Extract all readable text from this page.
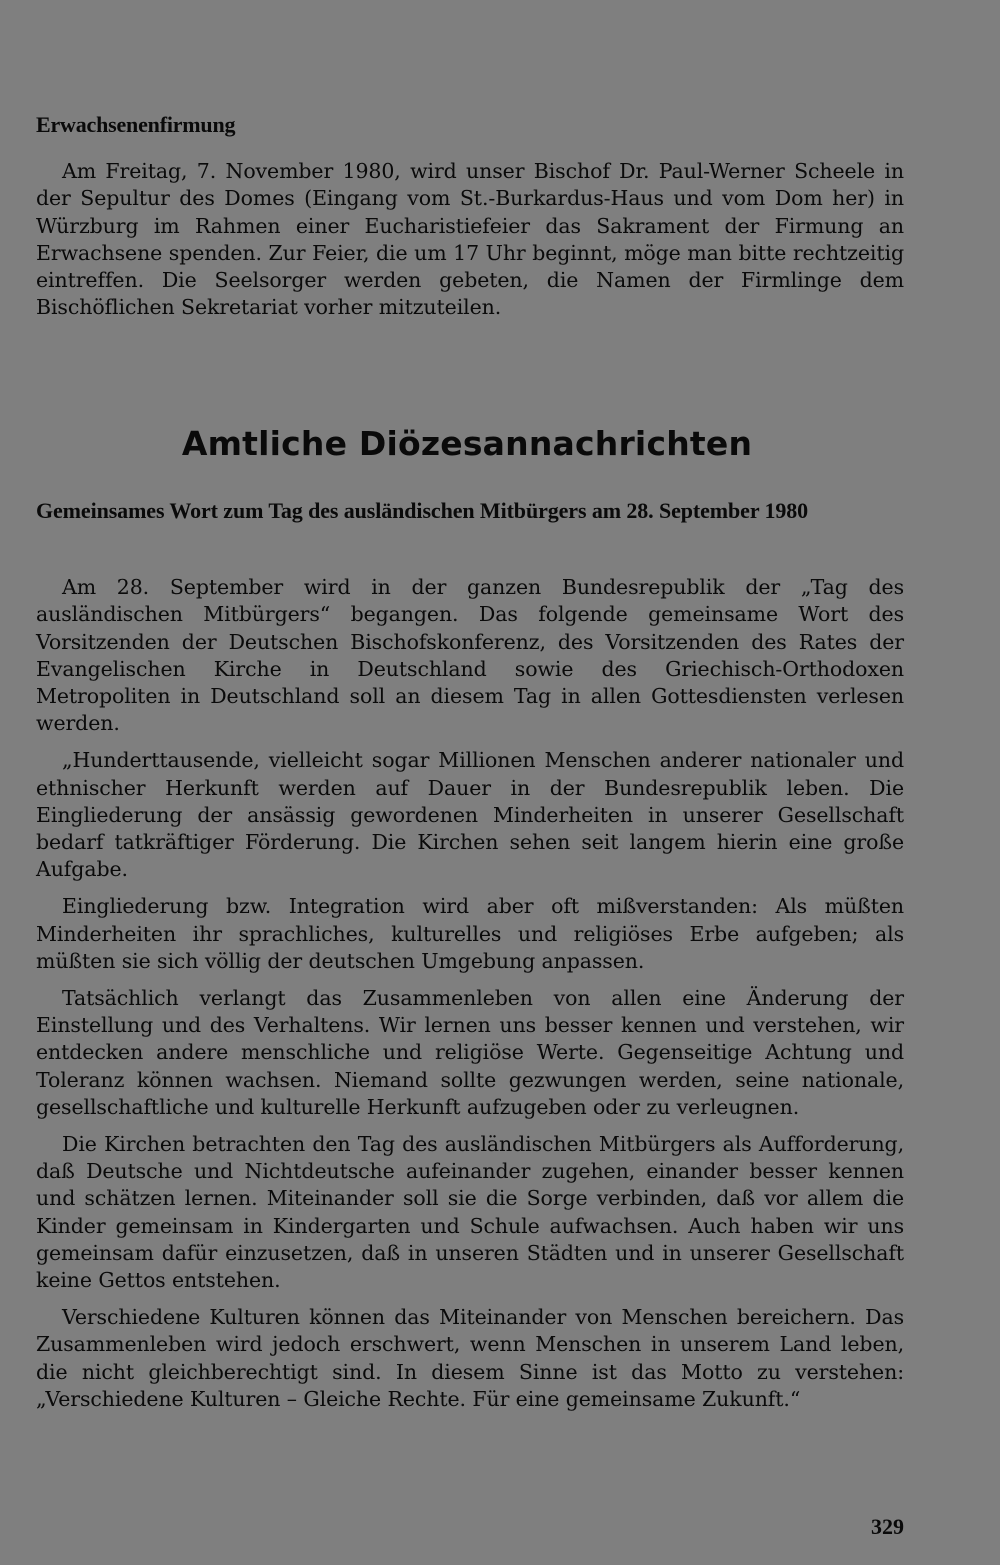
Erwachsenenfirmung

Am Freitag, 7. November 1980, wird unser Bischof Dr. Paul-Werner Scheele in der Sepultur des Domes (Eingang vom St.-Burkardus-Haus und vom Dom her) in Würzburg im Rahmen einer Eucharistiefeier das Sakrament der Firmung an Erwachsene spenden. Zur Feier, die um 17 Uhr beginnt, möge man bitte rechtzeitig eintreffen. Die Seelsorger werden gebeten, die Namen der Firmlinge dem Bischöflichen Sekretariat vorher mitzuteilen.

Amtliche Diözesannachrichten
Gemeinsames Wort zum Tag des ausländischen Mitbürgers am 28. September 1980

Am 28. September wird in der ganzen Bundesrepublik der „Tag des ausländischen Mitbürgers“ begangen. Das folgende gemeinsame Wort des Vorsitzenden der Deutschen Bischofskonferenz, des Vorsitzenden des Rates der Evangelischen Kirche in Deutschland sowie des Griechisch-Orthodoxen Metropoliten in Deutschland soll an diesem Tag in allen Gottesdiensten verlesen werden.

„Hunderttausende, vielleicht sogar Millionen Menschen anderer nationaler und ethnischer Herkunft werden auf Dauer in der Bundesrepublik leben. Die Eingliederung der ansässig gewordenen Minderheiten in unserer Gesellschaft bedarf tatkräftiger Förderung. Die Kirchen sehen seit langem hierin eine große Aufgabe.

Eingliederung bzw. Integration wird aber oft mißverstanden: Als müßten Minderheiten ihr sprachliches, kulturelles und religiöses Erbe aufgeben; als müßten sie sich völlig der deutschen Umgebung anpassen.

Tatsächlich verlangt das Zusammenleben von allen eine Änderung der Einstellung und des Verhaltens. Wir lernen uns besser kennen und verstehen, wir entdecken andere menschliche und religiöse Werte. Gegenseitige Achtung und Toleranz können wachsen. Niemand sollte gezwungen werden, seine nationale, gesellschaftliche und kulturelle Herkunft aufzugeben oder zu verleugnen.

Die Kirchen betrachten den Tag des ausländischen Mitbürgers als Aufforderung, daß Deutsche und Nichtdeutsche aufeinander zugehen, einander besser kennen und schätzen lernen. Miteinander soll sie die Sorge verbinden, daß vor allem die Kinder gemeinsam in Kindergarten und Schule aufwachsen. Auch haben wir uns gemeinsam dafür einzusetzen, daß in unseren Städten und in unserer Gesellschaft keine Gettos entstehen.

Verschiedene Kulturen können das Miteinander von Menschen bereichern. Das Zusammenleben wird jedoch erschwert, wenn Menschen in unserem Land leben, die nicht gleichberechtigt sind. In diesem Sinne ist das Motto zu verstehen: „Verschiedene Kulturen – Gleiche Rechte. Für eine gemeinsame Zukunft.“

329
